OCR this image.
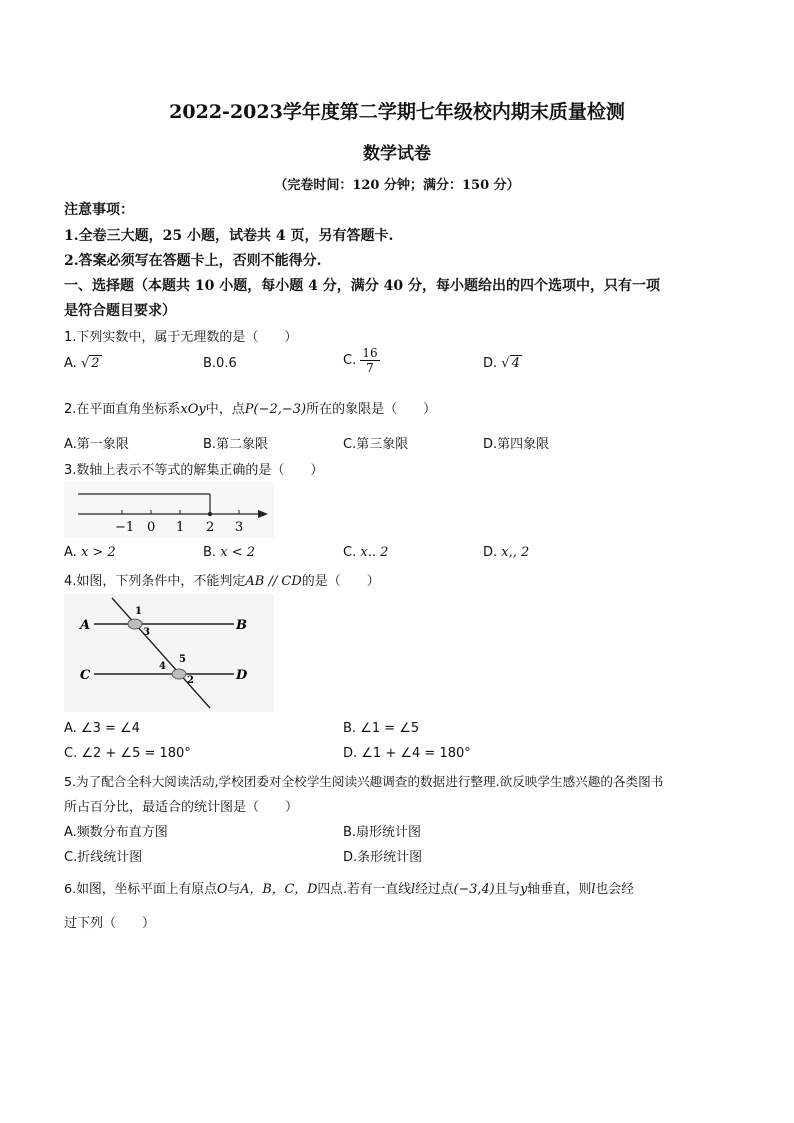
2022-2023学年度第二学期七年级校内期末质量检测
数学试卷
（完卷时间：120 分钟；满分：150 分）
注意事项：
1.全卷三大题，25 小题，试卷共 4 页，另有答题卡.
2.答案必须写在答题卡上，否则不能得分.
一、选择题（本题共 10 小题，每小题 4 分，满分 40 分，每小题给出的四个选项中，只有一项
是符合题目要求）
1.下列实数中，属于无理数的是（　　）
A. √ 2	B.0.6	C. $\frac{16}{7}$	D. √ 4
2.在平面直角坐标系xOy中，点P(−2,−3)所在的象限是（　　）
A.第一象限	B.第二象限	C.第三象限	D.第四象限
3.数轴上表示不等式的解集正确的是（　　）
−1 0 1 2 3
A. x > 2	B. x < 2	C. x.. 2	D. x,, 2
4.如图，下列条件中，不能判定AB // CD的是（　　）
A	B
C	D
1
3
4
5
2
A. ∠3 = ∠4	B. ∠1 = ∠5
C. ∠2 + ∠5 = 180°	D. ∠1 + ∠4 = 180°
5.为了配合全科大阅读活动,学校团委对全校学生阅读兴趣调查的数据进行整理.欲反映学生感兴趣的各类图书
所占百分比，最适合的统计图是（　　）
A.频数分布直方图	B.扇形统计图
C.折线统计图	D.条形统计图
6.如图，坐标平面上有原点O与A，B，C，D四点.若有一直线l经过点(−3,4)且与y轴垂直，则l也会经
过下列（　　）
